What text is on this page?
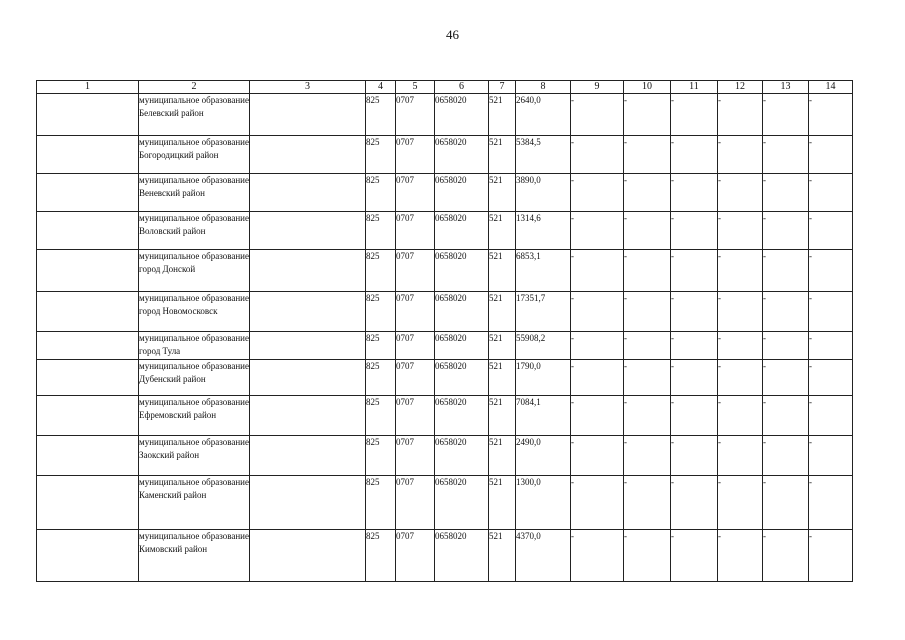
46
1	2	3	4	5	6	7	8	9	10	11	12	13	14
	муниципальное образование Белевский район		825	0707	0658020	521	2640,0	-	-	-	-	-	-
	муниципальное образование Богородицкий район		825	0707	0658020	521	5384,5	-	-	-	-	-	-
	муниципальное образование Веневский район		825	0707	0658020	521	3890,0	-	-	-	-	-	-
	муниципальное образование Воловский район		825	0707	0658020	521	1314,6	-	-	-	-	-	-
	муниципальное образование город Донской		825	0707	0658020	521	6853,1	-	-	-	-	-	-
	муниципальное образование город Новомосковск		825	0707	0658020	521	17351,7	-	-	-	-	-	-
	муниципальное образование город Тула		825	0707	0658020	521	55908,2	-	-	-	-	-	-
	муниципальное образование Дубенский район		825	0707	0658020	521	1790,0	-	-	-	-	-	-
	муниципальное образование Ефремовский район		825	0707	0658020	521	7084,1	-	-	-	-	-	-
	муниципальное образование Заокский район		825	0707	0658020	521	2490,0	-	-	-	-	-	-
	муниципальное образование Каменский район		825	0707	0658020	521	1300,0	-	-	-	-	-	-
	муниципальное образование Кимовский район		825	0707	0658020	521	4370,0	-	-	-	-	-	-
